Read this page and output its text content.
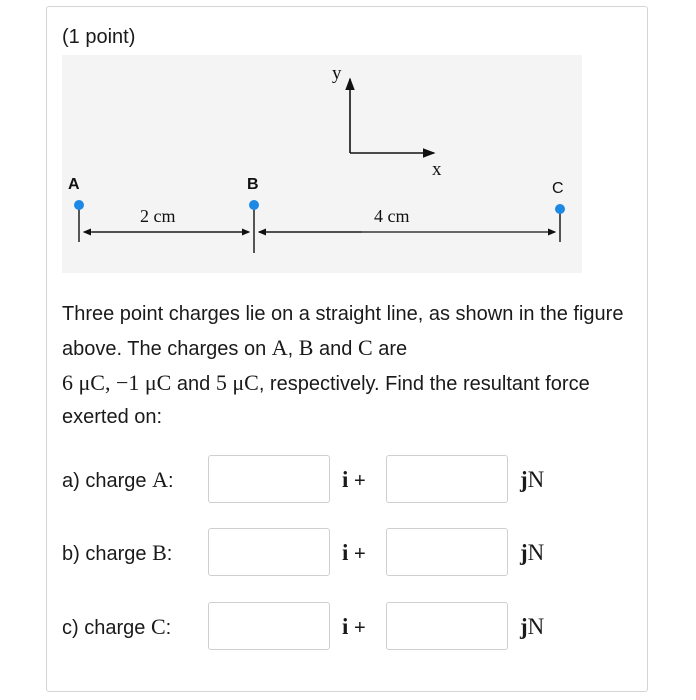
(1 point)
y
x
A	B	C
2 cm	4 cm
Three point charges lie on a straight line, as shown in the figure above. The charges on A, B and C are
6 μC, −1 μC and 5 μC, respectively. Find the resultant force exerted on:
a) charge A:	i +	jN
b) charge B:	i +	jN
c) charge C:	i +	jN
